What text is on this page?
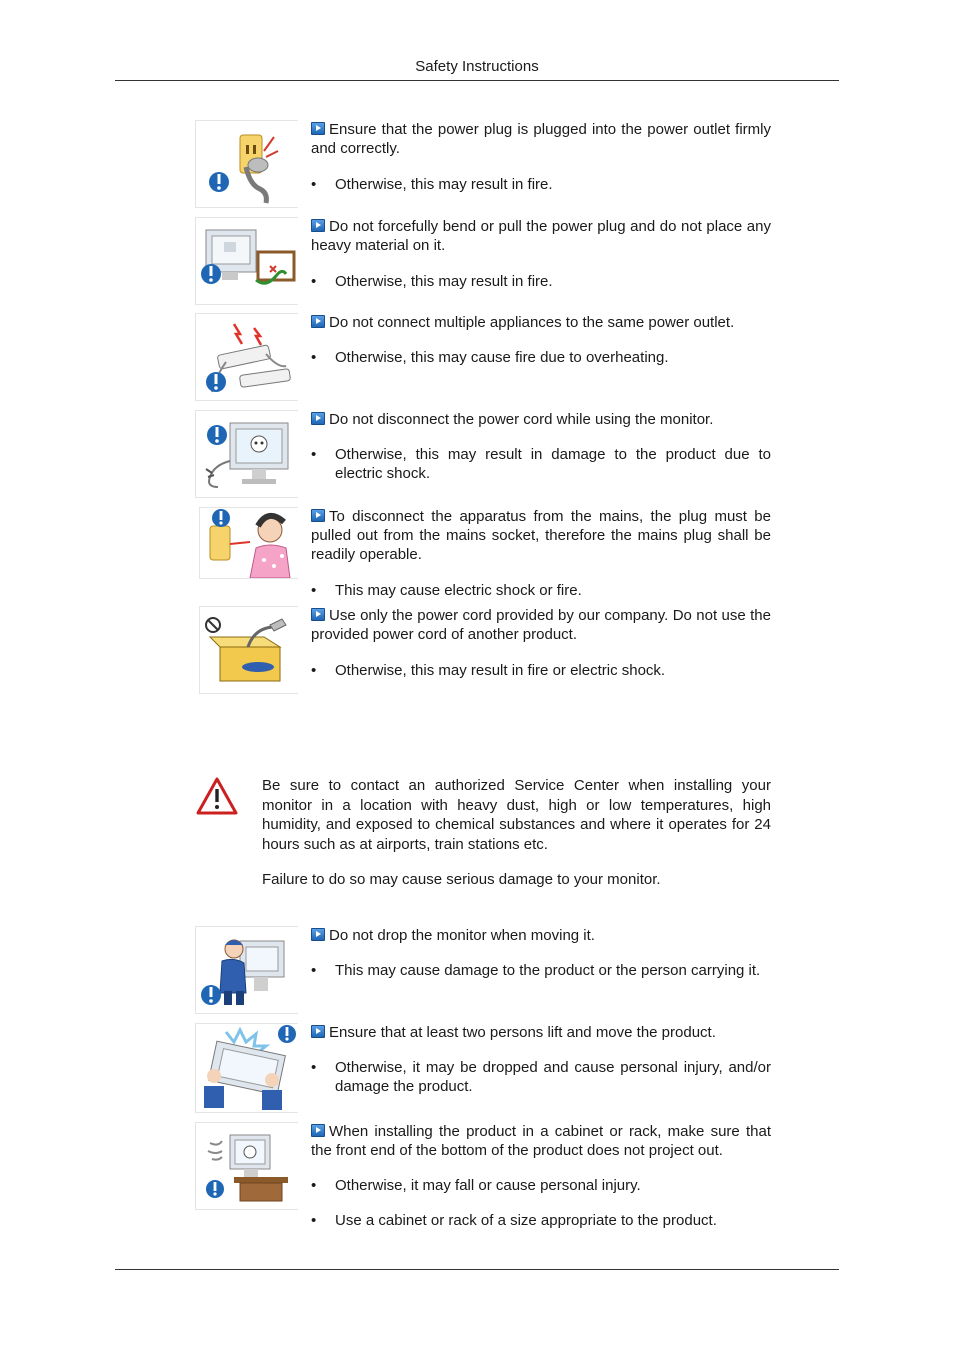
Safety Instructions

Ensure that the power plug is plugged into the power outlet firmly and correctly.

• Otherwise, this may result in fire.

Do not forcefully bend or pull the power plug and do not place any heavy material on it.

• Otherwise, this may result in fire.

Do not connect multiple appliances to the same power outlet.

• Otherwise, this may cause fire due to overheating.

Do not disconnect the power cord while using the monitor.

• Otherwise, this may result in damage to the product due to electric shock.

To disconnect the apparatus from the mains, the plug must be pulled out from the mains socket, therefore the mains plug shall be readily operable.

• This may cause electric shock or fire.

Use only the power cord provided by our company. Do not use the provided power cord of another product.

• Otherwise, this may result in fire or electric shock.

Be sure to contact an authorized Service Center when installing your monitor in a location with heavy dust, high or low temperatures, high humidity, and exposed to chemical substances and where it operates for 24 hours such as at airports, train stations etc.

Failure to do so may cause serious damage to your monitor.

Do not drop the monitor when moving it.

• This may cause damage to the product or the person carrying it.

Ensure that at least two persons lift and move the product.

• Otherwise, it may be dropped and cause personal injury, and/or damage the product.

When installing the product in a cabinet or rack, make sure that the front end of the bottom of the product does not project out.

• Otherwise, it may fall or cause personal injury.

• Use a cabinet or rack of a size appropriate to the product.
